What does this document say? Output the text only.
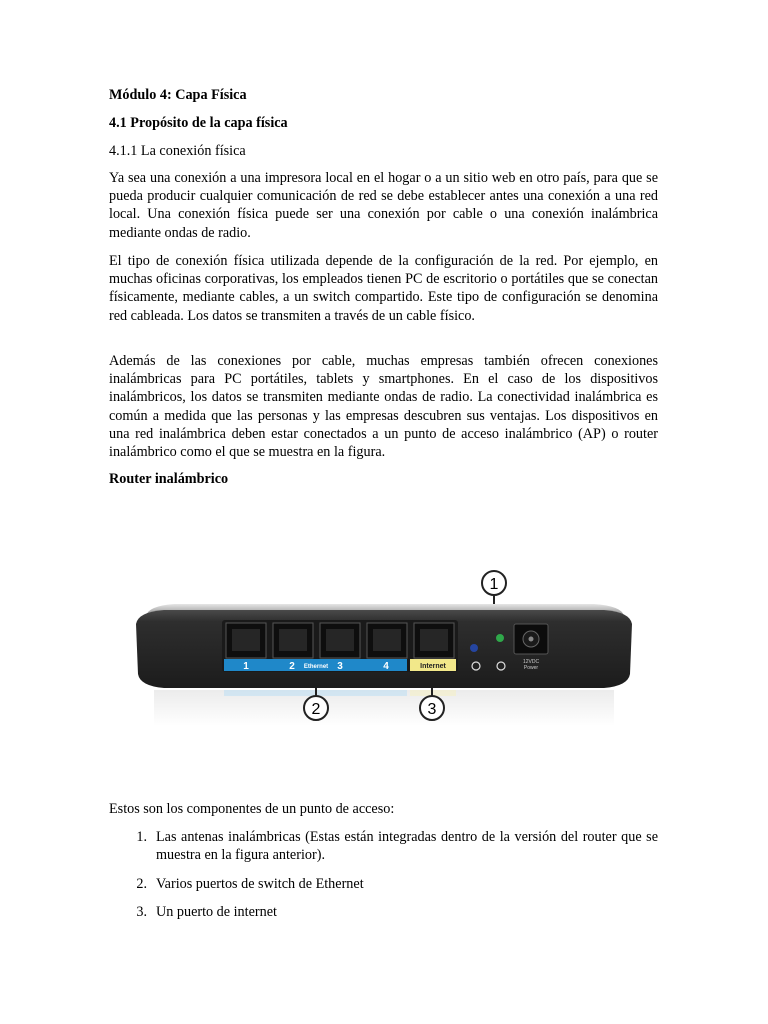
Módulo 4: Capa Física
4.1 Propósito de la capa física
4.1.1 La conexión física
Ya sea una conexión a una impresora local en el hogar o a un sitio web en otro país, para que se pueda producir cualquier comunicación de red se debe establecer antes una conexión a una red local. Una conexión física puede ser una conexión por cable o una conexión inalámbrica mediante ondas de radio.
El tipo de conexión física utilizada depende de la configuración de la red. Por ejemplo, en muchas oficinas corporativas, los empleados tienen PC de escritorio o portátiles que se conectan físicamente, mediante cables, a un switch compartido. Este tipo de configuración se denomina red cableada. Los datos se transmiten a través de un cable físico.
Además de las conexiones por cable, muchas empresas también ofrecen conexiones inalámbricas para PC portátiles, tablets y smartphones. En el caso de los dispositivos inalámbricos, los datos se transmiten mediante ondas de radio. La conectividad inalámbrica es común a medida que las personas y las empresas descubren sus ventajas. Los dispositivos en una red inalámbrica deben estar conectados a un punto de acceso inalámbrico (AP) o router inalámbrico como el que se muestra en la figura.
Router inalámbrico
Estos son los componentes de un punto de acceso:
1. Las antenas inalámbricas (Estas están integradas dentro de la versión del router que se muestra en la figura anterior).
2. Varios puertos de switch de Ethernet
3. Un puerto de internet
1
1	2 Ethernet 3	4	Internet
12VDC
Power
2	3
